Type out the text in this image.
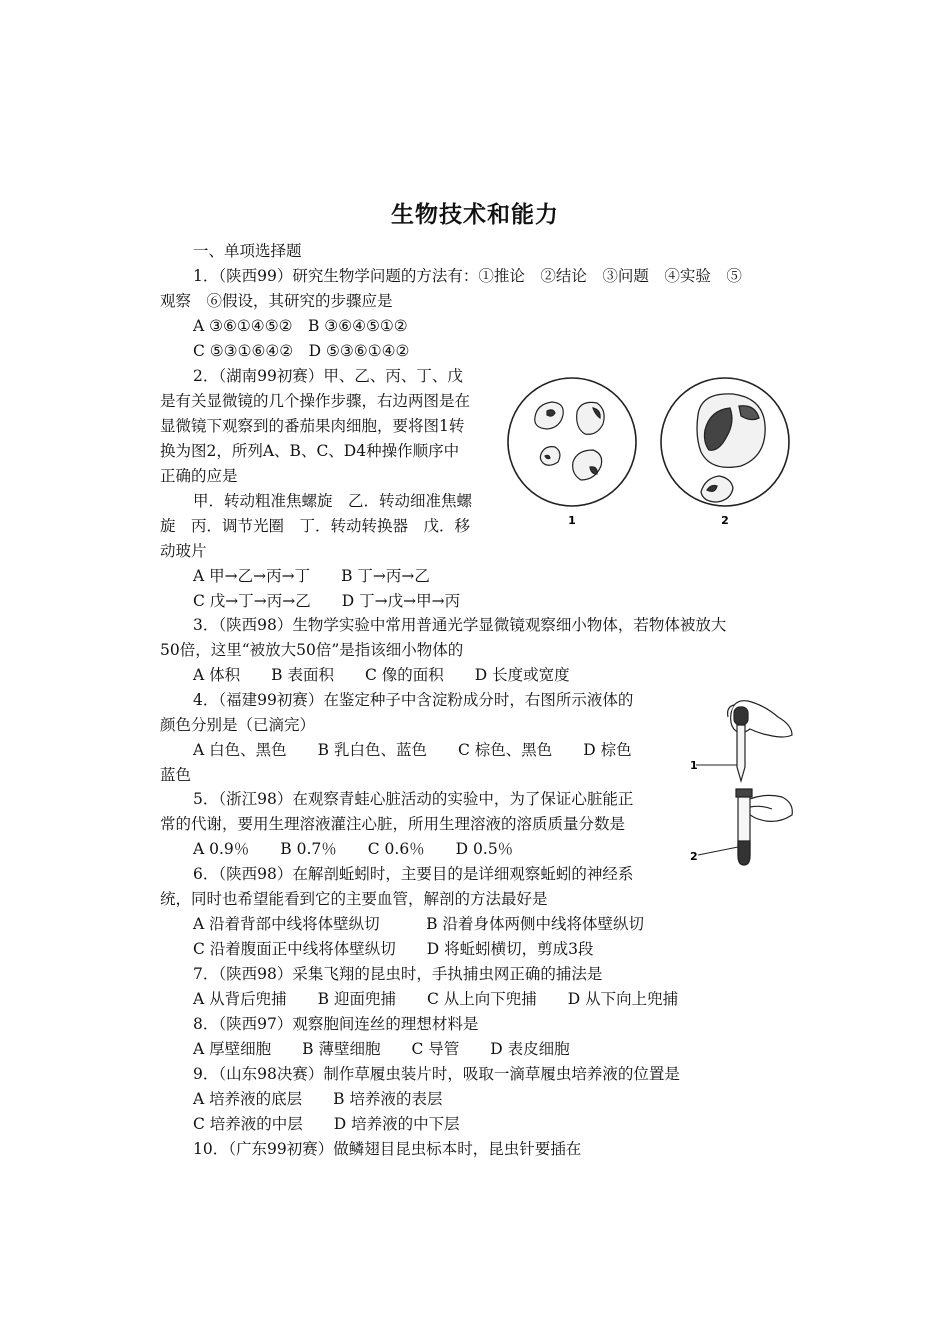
生物技术和能力
一、单项选择题
1．（陕西99）研究生物学问题的方法有：①推论　②结论　③问题　④实验　⑤
观察　⑥假设，其研究的步骤应是
A ③⑥①④⑤②　B ③⑥④⑤①②
C ⑤③①⑥④②　D ⑤③⑥①④②
2．（湖南99初赛）甲、乙、丙、丁、戊
是有关显微镜的几个操作步骤，右边两图是在
显微镜下观察到的番茄果肉细胞，要将图1转
换为图2，所列A、B、C、D4种操作顺序中
正确的应是
甲．转动粗准焦螺旋　乙．转动细准焦螺
旋　丙．调节光圈　丁．转动转换器　戊．移
动玻片
A 甲→乙→丙→丁　　B 丁→丙→乙
C 戊→丁→丙→乙　　D 丁→戊→甲→丙
1	2
3．（陕西98）生物学实验中常用普通光学显微镜观察细小物体，若物体被放大
50倍，这里“被放大50倍”是指该细小物体的
A 体积　　B 表面积　　C 像的面积　　D 长度或宽度
4．（福建99初赛）在鉴定种子中含淀粉成分时，右图所示液体的
颜色分别是（已滴完）
A 白色、黑色　　B 乳白色、蓝色　　C 棕色、黑色　　D 棕色
蓝色
1
2
5．（浙江98）在观察青蛙心脏活动的实验中，为了保证心脏能正
常的代谢，要用生理溶液灌注心脏，所用生理溶液的溶质质量分数是
A 0.9％　　B 0.7％　　C 0.6％　　D 0.5％
6．（陕西98）在解剖蚯蚓时，主要目的是详细观察蚯蚓的神经系
统，同时也希望能看到它的主要血管，解剖的方法最好是
A 沿着背部中线将体壁纵切　　　B 沿着身体两侧中线将体壁纵切
C 沿着腹面正中线将体壁纵切　　D 将蚯蚓横切，剪成3段
7．（陕西98）采集飞翔的昆虫时，手执捕虫网正确的捕法是
A 从背后兜捕　　B 迎面兜捕　　C 从上向下兜捕　　D 从下向上兜捕
8．（陕西97）观察胞间连丝的理想材料是
A 厚壁细胞　　B 薄壁细胞　　C 导管　　D 表皮细胞
9．（山东98决赛）制作草履虫装片时，吸取一滴草履虫培养液的位置是
A 培养液的底层　　B 培养液的表层
C 培养液的中层　　D 培养液的中下层
10．（广东99初赛）做鳞翅目昆虫标本时，昆虫针要插在
